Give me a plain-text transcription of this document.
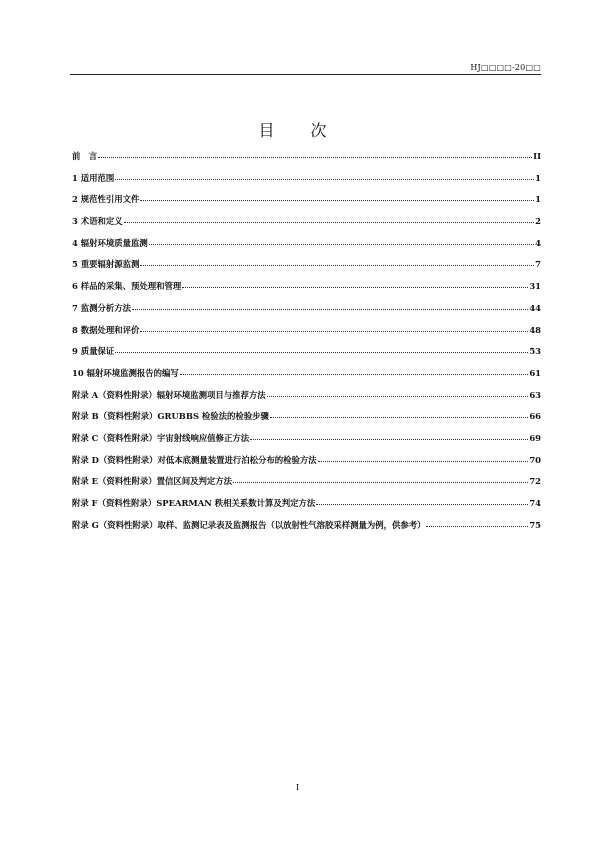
HJ□□□□-20□□
目　次
前　言	II
1 适用范围	1
2 规范性引用文件	1
3 术语和定义	2
4 辐射环境质量监测	4
5 重要辐射源监测	7
6 样品的采集、预处理和管理	31
7 监测分析方法	44
8 数据处理和评价	48
9 质量保证	53
10 辐射环境监测报告的编写	61
附录 A（资料性附录）辐射环境监测项目与推荐方法	63
附录 B（资料性附录）GRUBBS 检验法的检验步骤	66
附录 C（资料性附录）宇宙射线响应值修正方法	69
附录 D（资料性附录）对低本底测量装置进行泊松分布的检验方法	70
附录 E（资料性附录）置信区间及判定方法	72
附录 F（资料性附录）SPEARMAN 秩相关系数计算及判定方法	74
附录 G（资料性附录）取样、监测记录表及监测报告（以放射性气溶胶采样测量为例，供参考）	75
I
